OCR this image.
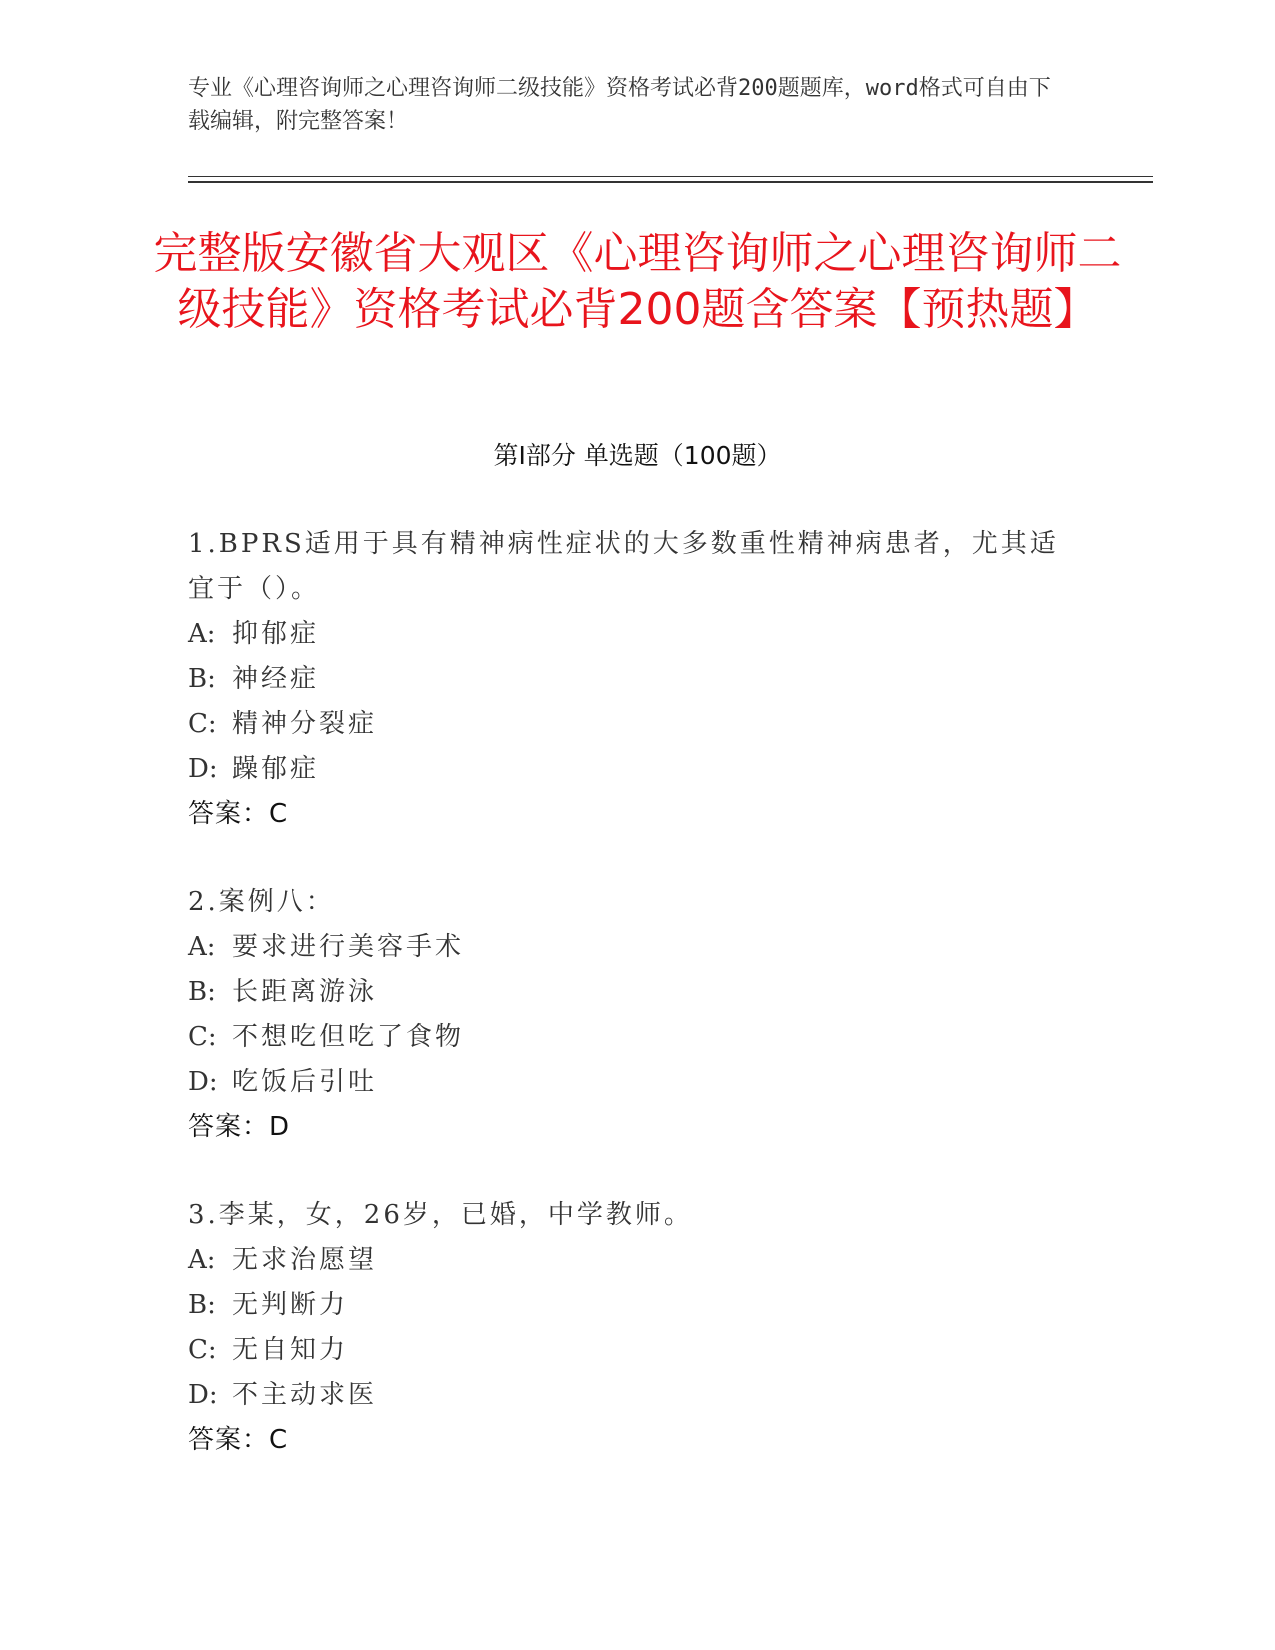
专业《心理咨询师之心理咨询师二级技能》资格考试必背200题题库，word格式可自由下载编辑，附完整答案！
完整版安徽省大观区《心理咨询师之心理咨询师二级技能》资格考试必背200题含答案【预热题】
第Ⅰ部分 单选题（100题）
1.BPRS适用于具有精神病性症状的大多数重性精神病患者，尤其适宜于（）。
A: 抑郁症
B: 神经症
C: 精神分裂症
D: 躁郁症
答案：C
2.案例八：
A: 要求进行美容手术
B: 长距离游泳
C: 不想吃但吃了食物
D: 吃饭后引吐
答案：D
3.李某，女，26岁，已婚，中学教师。
A: 无求治愿望
B: 无判断力
C: 无自知力
D: 不主动求医
答案：C
